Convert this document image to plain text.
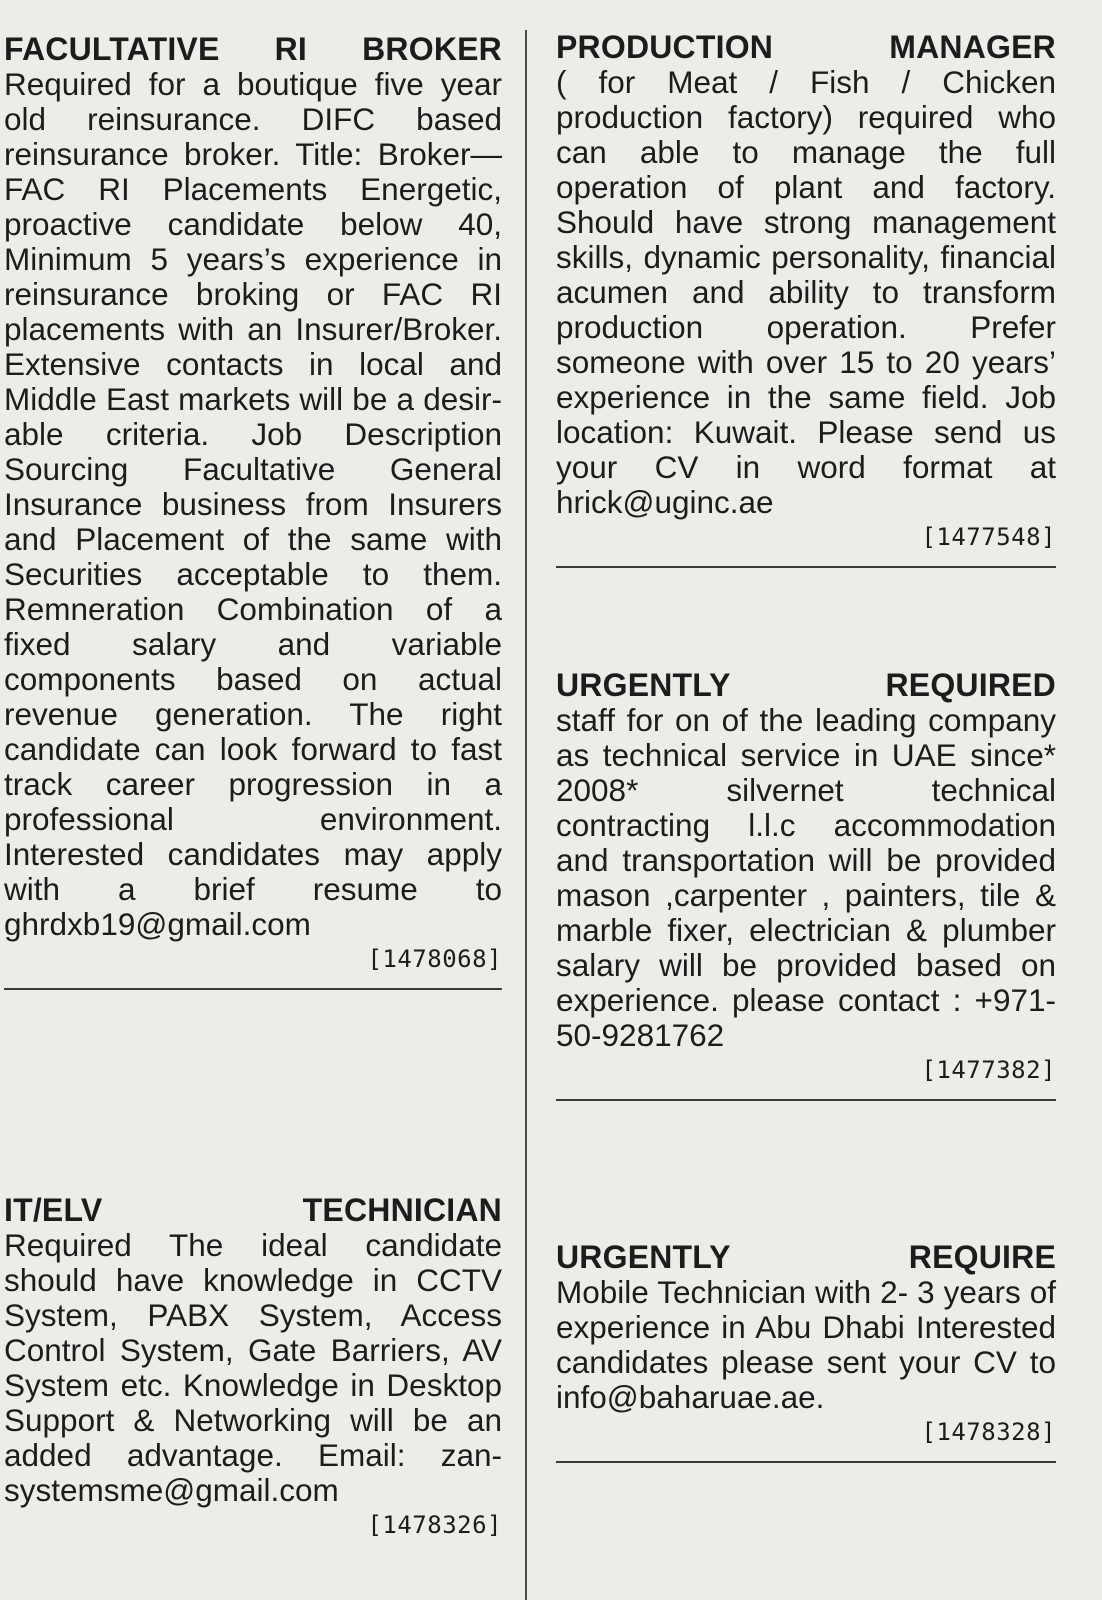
FACULTATIVE RI BROKER
Required for a boutique five year old reinsurance. DIFC based reinsurance broker. Title: Broker— FAC RI Placements Energetic, proactive candidate below 40, Minimum 5 years’s experience in reinsurance broking or FAC RI placements with an Insurer/Broker. Extensive contacts in local and Middle East markets will be a desirable criteria. Job Description Sourcing Facultative General Insurance business from Insurers and Placement of the same with Securities acceptable to them. Remneration Combination of a fixed salary and variable components based on actual revenue generation. The right candidate can look forward to fast track career progression in a professional environment. Interested candidates may apply with a brief resume to ghrdxb19@gmail.com
[1478068]
IT/ELV TECHNICIAN
Required The ideal candidate should have knowledge in CCTV System, PABX System, Access Control System, Gate Barriers, AV System etc. Knowledge in Desktop Support & Networking will be an added advantage. Email: zan-systemsme@gmail.com
[1478326]
PRODUCTION MANAGER
( for Meat / Fish / Chicken production factory) required who can able to manage the full operation of plant and factory. Should have strong management skills, dynamic personality, financial acumen and ability to transform production operation. Prefer someone with over 15 to 20 years’ experience in the same field. Job location: Kuwait. Please send us your CV in word format at hrick@uginc.ae
[1477548]
URGENTLY REQUIRED
staff for on of the leading company as technical service in UAE since* 2008* silvernet technical contracting l.l.c accommodation and transportation will be provided mason ,carpenter , painters, tile & marble fixer, electrician & plumber salary will be provided based on experience. please contact : +971-50-9281762
[1477382]
URGENTLY REQUIRE
Mobile Technician with 2- 3 years of experience in Abu Dhabi Interested candidates please sent your CV to info@baharuae.ae.
[1478328]
